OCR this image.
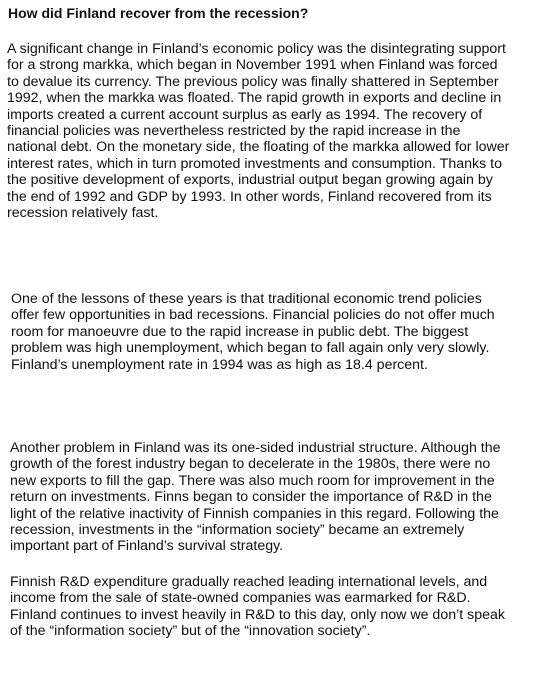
How did Finland recover from the recession?

A significant change in Finland’s economic policy was the disintegrating support
for a strong markka, which began in November 1991 when Finland was forced
to devalue its currency. The previous policy was finally shattered in September
1992, when the markka was floated. The rapid growth in exports and decline in
imports created a current account surplus as early as 1994. The recovery of
financial policies was nevertheless restricted by the rapid increase in the
national debt. On the monetary side, the floating of the markka allowed for lower
interest rates, which in turn promoted investments and consumption. Thanks to
the positive development of exports, industrial output began growing again by
the end of 1992 and GDP by 1993. In other words, Finland recovered from its
recession relatively fast.

One of the lessons of these years is that traditional economic trend policies
offer few opportunities in bad recessions. Financial policies do not offer much
room for manoeuvre due to the rapid increase in public debt. The biggest
problem was high unemployment, which began to fall again only very slowly.
Finland’s unemployment rate in 1994 was as high as 18.4 percent.

Another problem in Finland was its one-sided industrial structure. Although the
growth of the forest industry began to decelerate in the 1980s, there were no
new exports to fill the gap. There was also much room for improvement in the
return on investments. Finns began to consider the importance of R&D in the
light of the relative inactivity of Finnish companies in this regard. Following the
recession, investments in the “information society” became an extremely
important part of Finland’s survival strategy.

Finnish R&D expenditure gradually reached leading international levels, and
income from the sale of state-owned companies was earmarked for R&D.
Finland continues to invest heavily in R&D to this day, only now we don’t speak
of the “information society” but of the “innovation society”.
